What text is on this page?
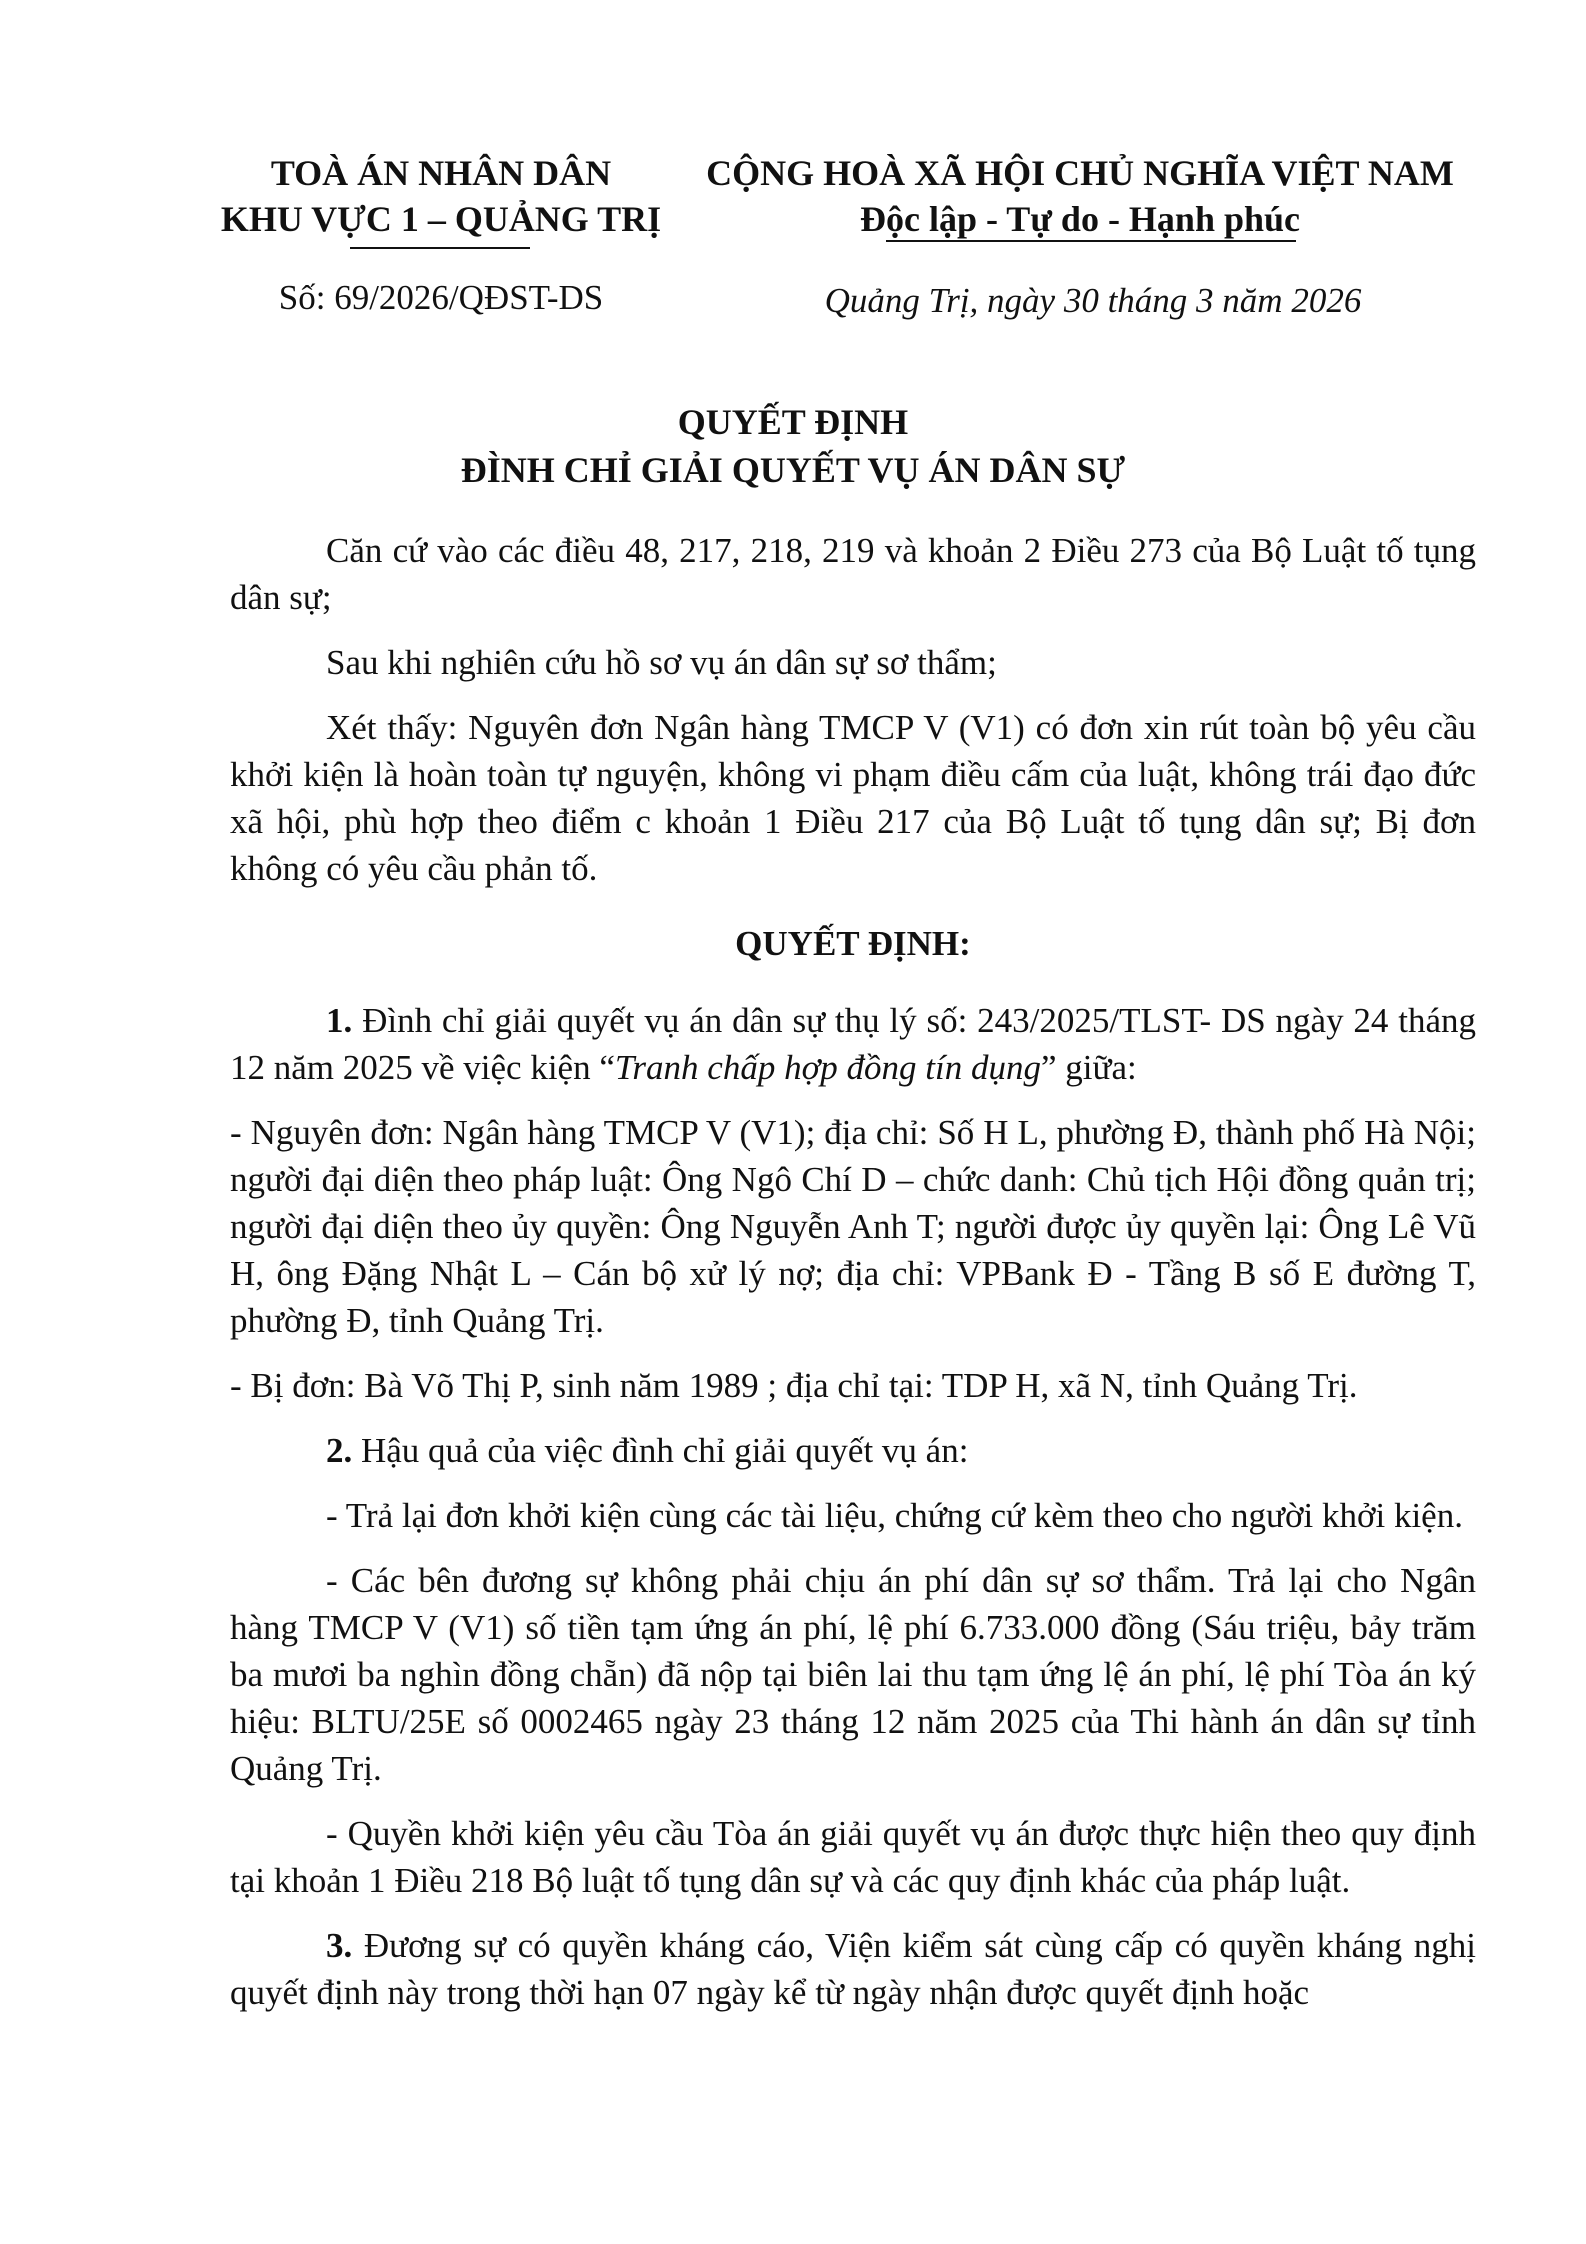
TOÀ ÁN NHÂN DÂN
KHU VỰC 1 – QUẢNG TRỊ
CỘNG HOÀ XÃ HỘI CHỦ NGHĨA VIỆT NAM
Độc lập - Tự do - Hạnh phúc
Số: 69/2026/QĐST-DS	Quảng Trị, ngày 30 tháng 3 năm 2026
QUYẾT ĐỊNH
ĐÌNH CHỈ GIẢI QUYẾT VỤ ÁN DÂN SỰ

Căn cứ vào các điều 48, 217, 218, 219 và khoản 2 Điều 273 của Bộ Luật tố tụng dân sự;

Sau khi nghiên cứu hồ sơ vụ án dân sự sơ thẩm;

Xét thấy: Nguyên đơn Ngân hàng TMCP V (V1) có đơn xin rút toàn bộ yêu cầu khởi kiện là hoàn toàn tự nguyện, không vi phạm điều cấm của luật, không trái đạo đức xã hội, phù hợp theo điểm c khoản 1 Điều 217 của Bộ Luật tố tụng dân sự; Bị đơn không có yêu cầu phản tố.

QUYẾT ĐỊNH:

1. Đình chỉ giải quyết vụ án dân sự thụ lý số: 243/2025/TLST- DS ngày 24 tháng 12 năm 2025 về việc kiện “Tranh chấp hợp đồng tín dụng” giữa:

- Nguyên đơn: Ngân hàng TMCP V (V1); địa chỉ: Số H L, phường Đ, thành phố Hà Nội; người đại diện theo pháp luật: Ông Ngô Chí D – chức danh: Chủ tịch Hội đồng quản trị; người đại diện theo ủy quyền: Ông Nguyễn Anh T; người được ủy quyền lại: Ông Lê Vũ H, ông Đặng Nhật L – Cán bộ xử lý nợ; địa chỉ: VPBank Đ - Tầng B số E đường T, phường Đ, tỉnh Quảng Trị.

- Bị đơn: Bà Võ Thị P, sinh năm 1989 ; địa chỉ tại: TDP H, xã N, tỉnh Quảng Trị.

2. Hậu quả của việc đình chỉ giải quyết vụ án:

- Trả lại đơn khởi kiện cùng các tài liệu, chứng cứ kèm theo cho người khởi kiện.

- Các bên đương sự không phải chịu án phí dân sự sơ thẩm. Trả lại cho Ngân hàng TMCP V (V1) số tiền tạm ứng án phí, lệ phí 6.733.000 đồng (Sáu triệu, bảy trăm ba mươi ba nghìn đồng chẵn) đã nộp tại biên lai thu tạm ứng lệ án phí, lệ phí Tòa án ký hiệu: BLTU/25E số 0002465 ngày 23 tháng 12 năm 2025 của Thi hành án dân sự tỉnh Quảng Trị.

- Quyền khởi kiện yêu cầu Tòa án giải quyết vụ án được thực hiện theo quy định tại khoản 1 Điều 218 Bộ luật tố tụng dân sự và các quy định khác của pháp luật.

3. Đương sự có quyền kháng cáo, Viện kiểm sát cùng cấp có quyền kháng nghị quyết định này trong thời hạn 07 ngày kể từ ngày nhận được quyết định hoặc
